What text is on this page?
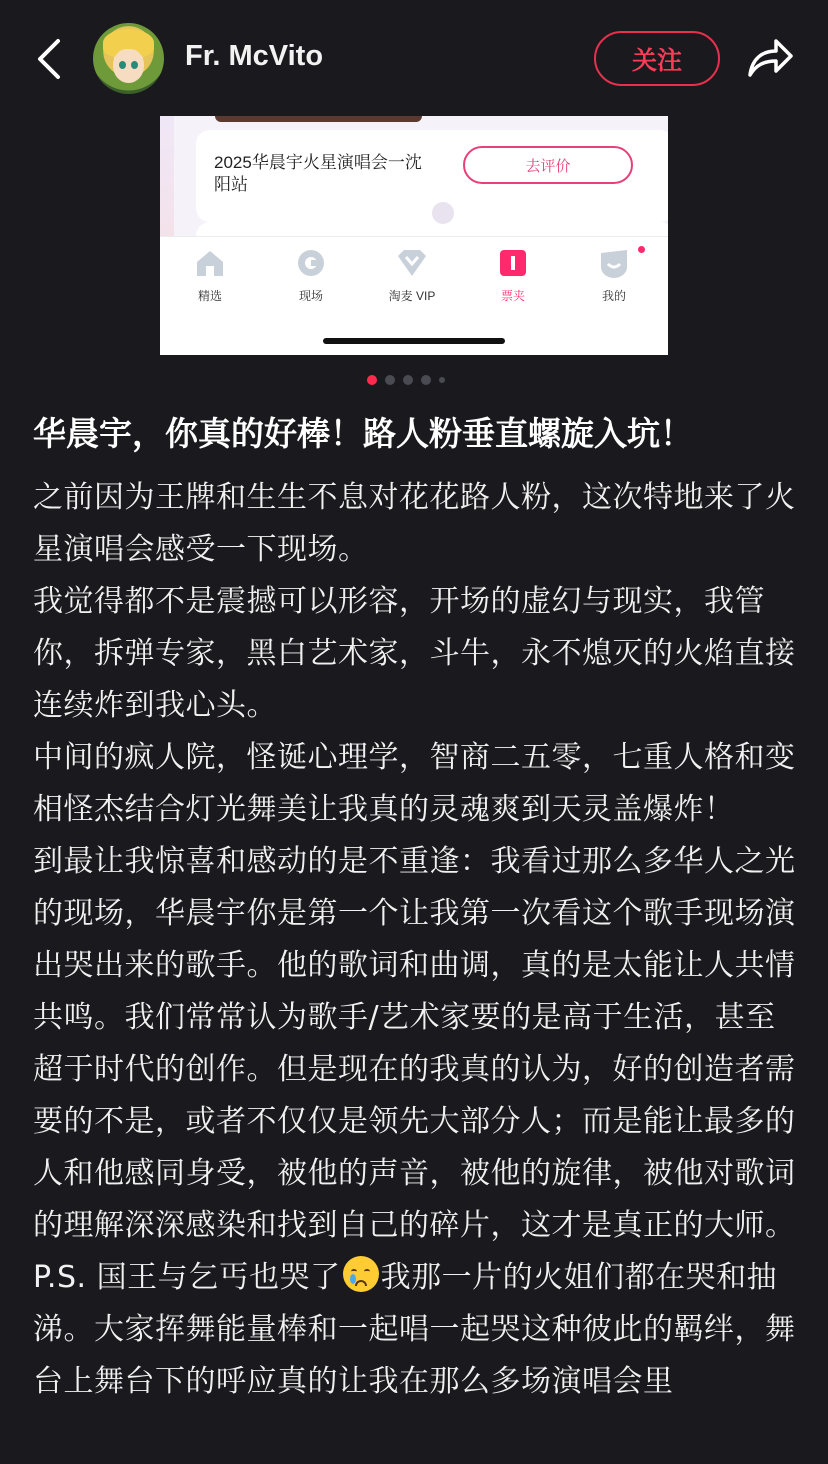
Fr. McVito	关注
2025华晨宇火星演唱会一沈阳站
去评价
精选	现场	淘麦 VIP	票夹	我的
华晨宇，你真的好棒！路人粉垂直螺旋入坑！

之前因为王牌和生生不息对花花路人粉，这次特地来了火星演唱会感受一下现场。

我觉得都不是震撼可以形容，开场的虚幻与现实，我管你，拆弹专家，黑白艺术家，斗牛，永不熄灭的火焰直接连续炸到我心头。

中间的疯人院，怪诞心理学，智商二五零，七重人格和变相怪杰结合灯光舞美让我真的灵魂爽到天灵盖爆炸！

到最让我惊喜和感动的是不重逢：我看过那么多华人之光的现场，华晨宇你是第一个让我第一次看这个歌手现场演出哭出来的歌手。他的歌词和曲调，真的是太能让人共情共鸣。我们常常认为歌手/艺术家要的是高于生活，甚至超于时代的创作。但是现在的我真的认为，好的创造者需要的不是，或者不仅仅是领先大部分人；而是能让最多的人和他感同身受，被他的声音，被他的旋律，被他对歌词的理解深深感染和找到自己的碎片，这才是真正的大师。

P.S. 国王与乞丐也哭了 我那一片的火姐们都在哭和抽涕。大家挥舞能量棒和一起唱一起哭这种彼此的羁绊，舞台上舞台下的呼应真的让我在那么多场演唱会里
